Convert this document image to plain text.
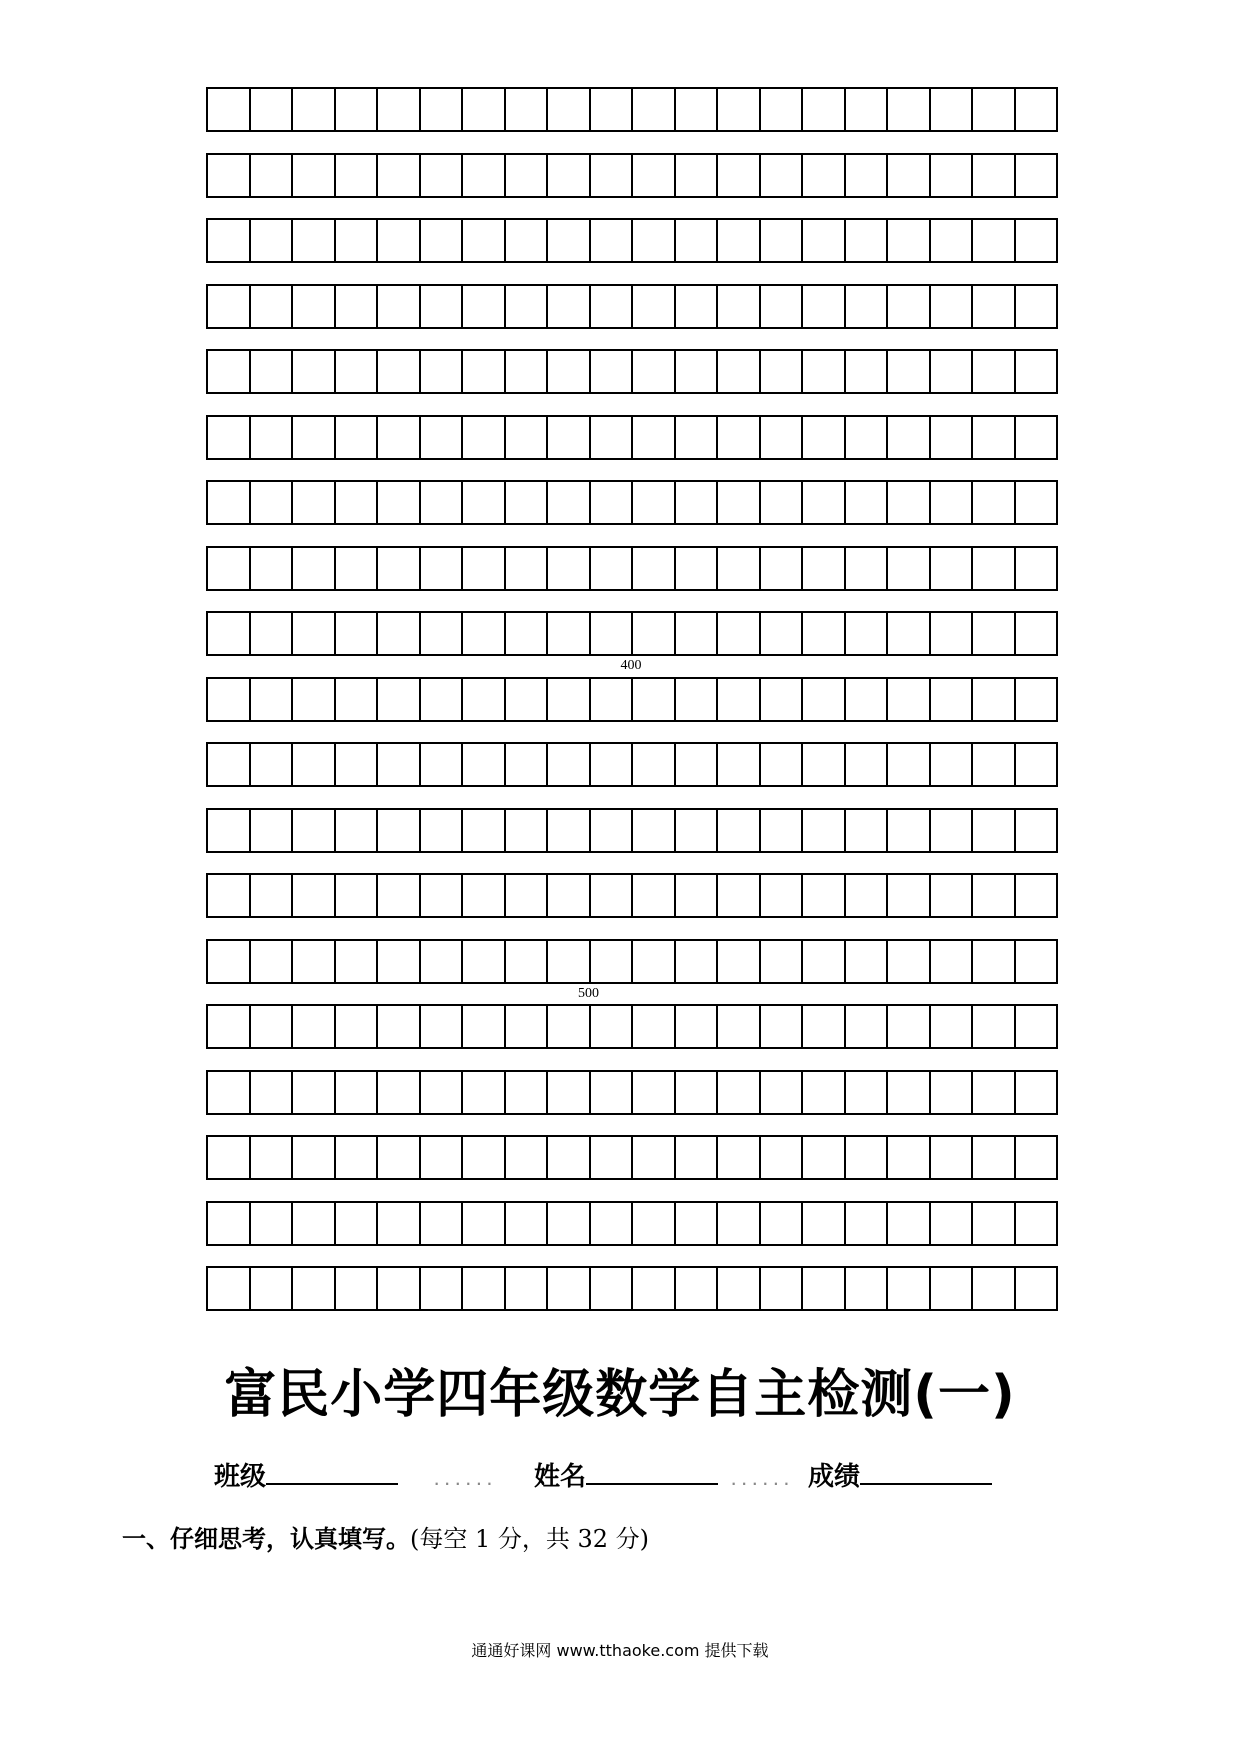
400
500
富民小学四年级数学自主检测(一)
班级	...... 姓名	...... 成绩
一、仔细思考，认真填写。(每空 1 分，共 32 分)
通通好课网 www.tthaoke.com 提供下载
